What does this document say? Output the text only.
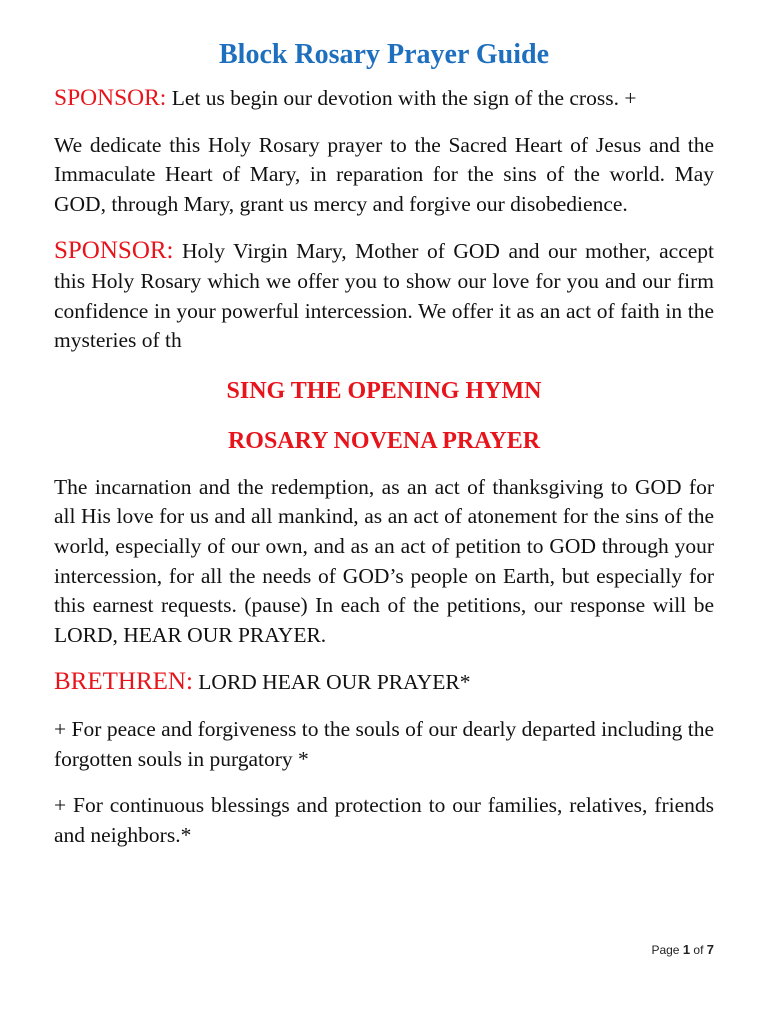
Block Rosary Prayer Guide

SPONSOR: Let us begin our devotion with the sign of the cross. +

We dedicate this Holy Rosary prayer to the Sacred Heart of Jesus and the Immaculate Heart of Mary, in reparation for the sins of the world. May GOD, through Mary, grant us mercy and forgive our disobedience.

SPONSOR: Holy Virgin Mary, Mother of GOD and our mother, accept this Holy Rosary which we offer you to show our love for you and our firm confidence in your powerful intercession. We offer it as an act of faith in the mysteries of th

SING THE OPENING HYMN
ROSARY NOVENA PRAYER

The incarnation and the redemption, as an act of thanksgiving to GOD for all His love for us and all mankind, as an act of atonement for the sins of the world, especially of our own, and as an act of petition to GOD through your intercession, for all the needs of GOD’s people on Earth, but especially for this earnest requests. (pause) In each of the petitions, our response will be LORD, HEAR OUR PRAYER.

BRETHREN: LORD HEAR OUR PRAYER*

+ For peace and forgiveness to the souls of our dearly departed including the forgotten souls in purgatory *

+ For continuous blessings and protection to our families, relatives, friends and neighbors.*

Page 1 of 7
